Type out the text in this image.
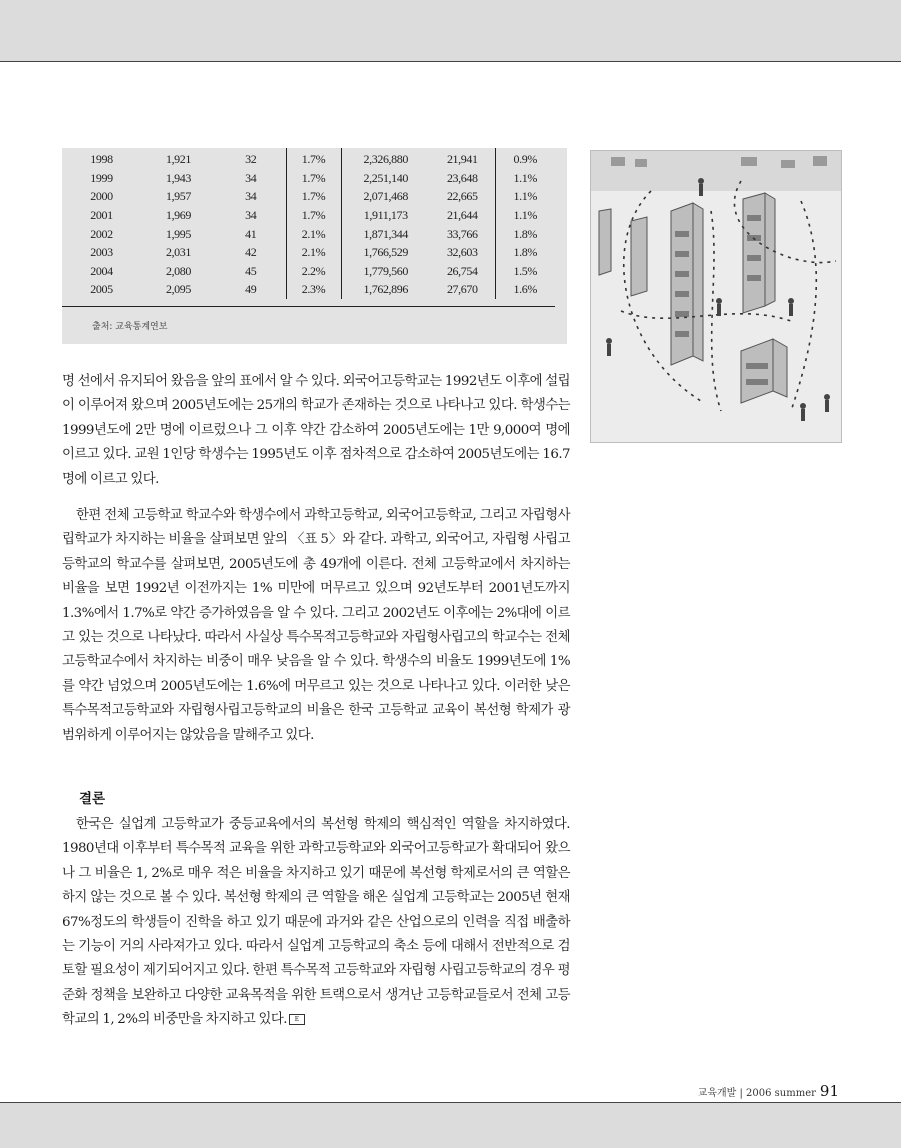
1998	1,921	32	1.7%	2,326,880	21,941	0.9%
1999	1,943	34	1.7%	2,251,140	23,648	1.1%
2000	1,957	34	1.7%	2,071,468	22,665	1.1%
2001	1,969	34	1.7%	1,911,173	21,644	1.1%
2002	1,995	41	2.1%	1,871,344	33,766	1.8%
2003	2,031	42	2.1%	1,766,529	32,603	1.8%
2004	2,080	45	2.2%	1,779,560	26,754	1.5%
2005	2,095	49	2.3%	1,762,896	27,670	1.6%
출처: 교육통계연보

명 선에서 유지되어 왔음을 앞의 표에서 알 수 있다. 외국어고등학교는 1992년도 이후에 설립이 이루어져 왔으며 2005년도에는 25개의 학교가 존재하는 것으로 나타나고 있다. 학생수는 1999년도에 2만 명에 이르렀으나 그 이후 약간 감소하여 2005년도에는 1만 9,000여 명에 이르고 있다. 교원 1인당 학생수는 1995년도 이후 점차적으로 감소하여 2005년도에는 16.7명에 이르고 있다.

한편 전체 고등학교 학교수와 학생수에서 과학고등학교, 외국어고등학교, 그리고 자립형사립학교가 차지하는 비율을 살펴보면 앞의 〈표 5〉와 같다. 과학고, 외국어고, 자립형 사립고등학교의 학교수를 살펴보면, 2005년도에 총 49개에 이른다. 전체 고등학교에서 차지하는 비율을 보면 1992년 이전까지는 1% 미만에 머무르고 있으며 92년도부터 2001년도까지 1.3%에서 1.7%로 약간 증가하였음을 알 수 있다. 그리고 2002년도 이후에는 2%대에 이르고 있는 것으로 나타났다. 따라서 사실상 특수목적고등학교와 자립형사립고의 학교수는 전체 고등학교수에서 차지하는 비중이 매우 낮음을 알 수 있다. 학생수의 비율도 1999년도에 1%를 약간 넘었으며 2005년도에는 1.6%에 머무르고 있는 것으로 나타나고 있다. 이러한 낮은 특수목적고등학교와 자립형사립고등학교의 비율은 한국 고등학교 교육이 복선형 학제가 광범위하게 이루어지는 않았음을 말해주고 있다.

결론

한국은 실업계 고등학교가 중등교육에서의 복선형 학제의 핵심적인 역할을 차지하였다. 1980년대 이후부터 특수목적 교육을 위한 과학고등학교와 외국어고등학교가 확대되어 왔으나 그 비율은 1, 2%로 매우 적은 비율을 차지하고 있기 때문에 복선형 학제로서의 큰 역할은 하지 않는 것으로 볼 수 있다. 복선형 학제의 큰 역할을 해온 실업계 고등학교는 2005년 현재 67%정도의 학생들이 진학을 하고 있기 때문에 과거와 같은 산업으로의 인력을 직접 배출하는 기능이 거의 사라져가고 있다. 따라서 실업계 고등학교의 축소 등에 대해서 전반적으로 검토할 필요성이 제기되어지고 있다. 한편 특수목적 고등학교와 자립형 사립고등학교의 경우 평준화 정책을 보완하고 다양한 교육목적을 위한 트랙으로서 생겨난 고등학교들로서 전체 고등학교의 1, 2%의 비중만을 차지하고 있다. E

교육개발 | 2006 summer 91
